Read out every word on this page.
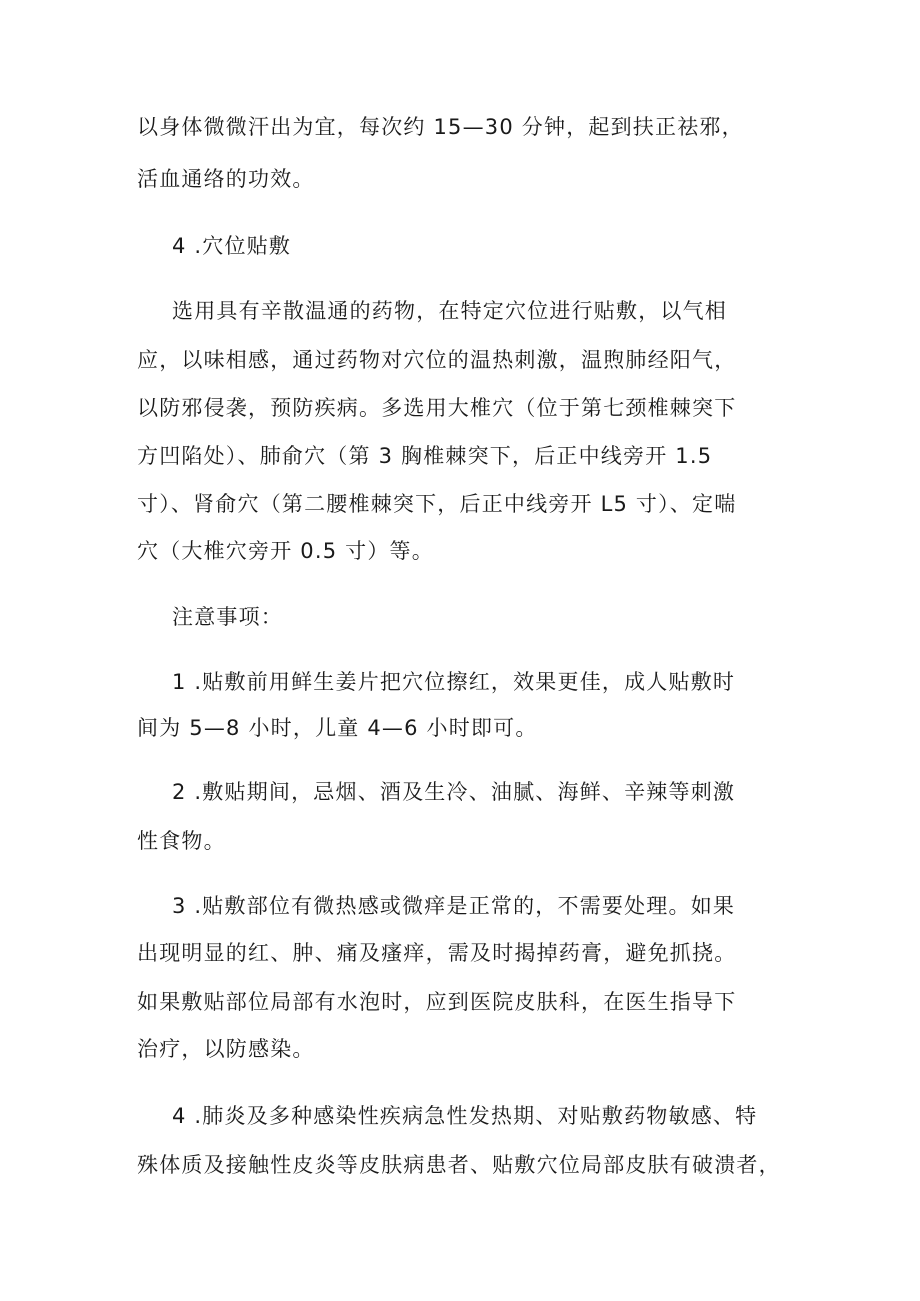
以身体微微汗出为宜，每次约 15—30 分钟，起到扶正祛邪，
活血通络的功效。
4 .穴位贴敷
选用具有辛散温通的药物，在特定穴位进行贴敷，以气相
应，以味相感，通过药物对穴位的温热刺激，温煦肺经阳气，
以防邪侵袭，预防疾病。多选用大椎穴（位于第七颈椎棘突下
方凹陷处）、肺俞穴（第 3 胸椎棘突下，后正中线旁开 1.5
寸）、肾俞穴（第二腰椎棘突下，后正中线旁开 L5 寸）、定喘
穴（大椎穴旁开 0.5 寸）等。
注意事项：
1 .贴敷前用鲜生姜片把穴位擦红，效果更佳，成人贴敷时
间为 5—8 小时，儿童 4—6 小时即可。
2 .敷贴期间，忌烟、酒及生冷、油腻、海鲜、辛辣等刺激
性食物。
3 .贴敷部位有微热感或微痒是正常的，不需要处理。如果
出现明显的红、肿、痛及瘙痒，需及时揭掉药膏，避免抓挠。
如果敷贴部位局部有水泡时，应到医院皮肤科，在医生指导下
治疗，以防感染。
4 .肺炎及多种感染性疾病急性发热期、对贴敷药物敏感、特
殊体质及接触性皮炎等皮肤病患者、贴敷穴位局部皮肤有破溃者，
